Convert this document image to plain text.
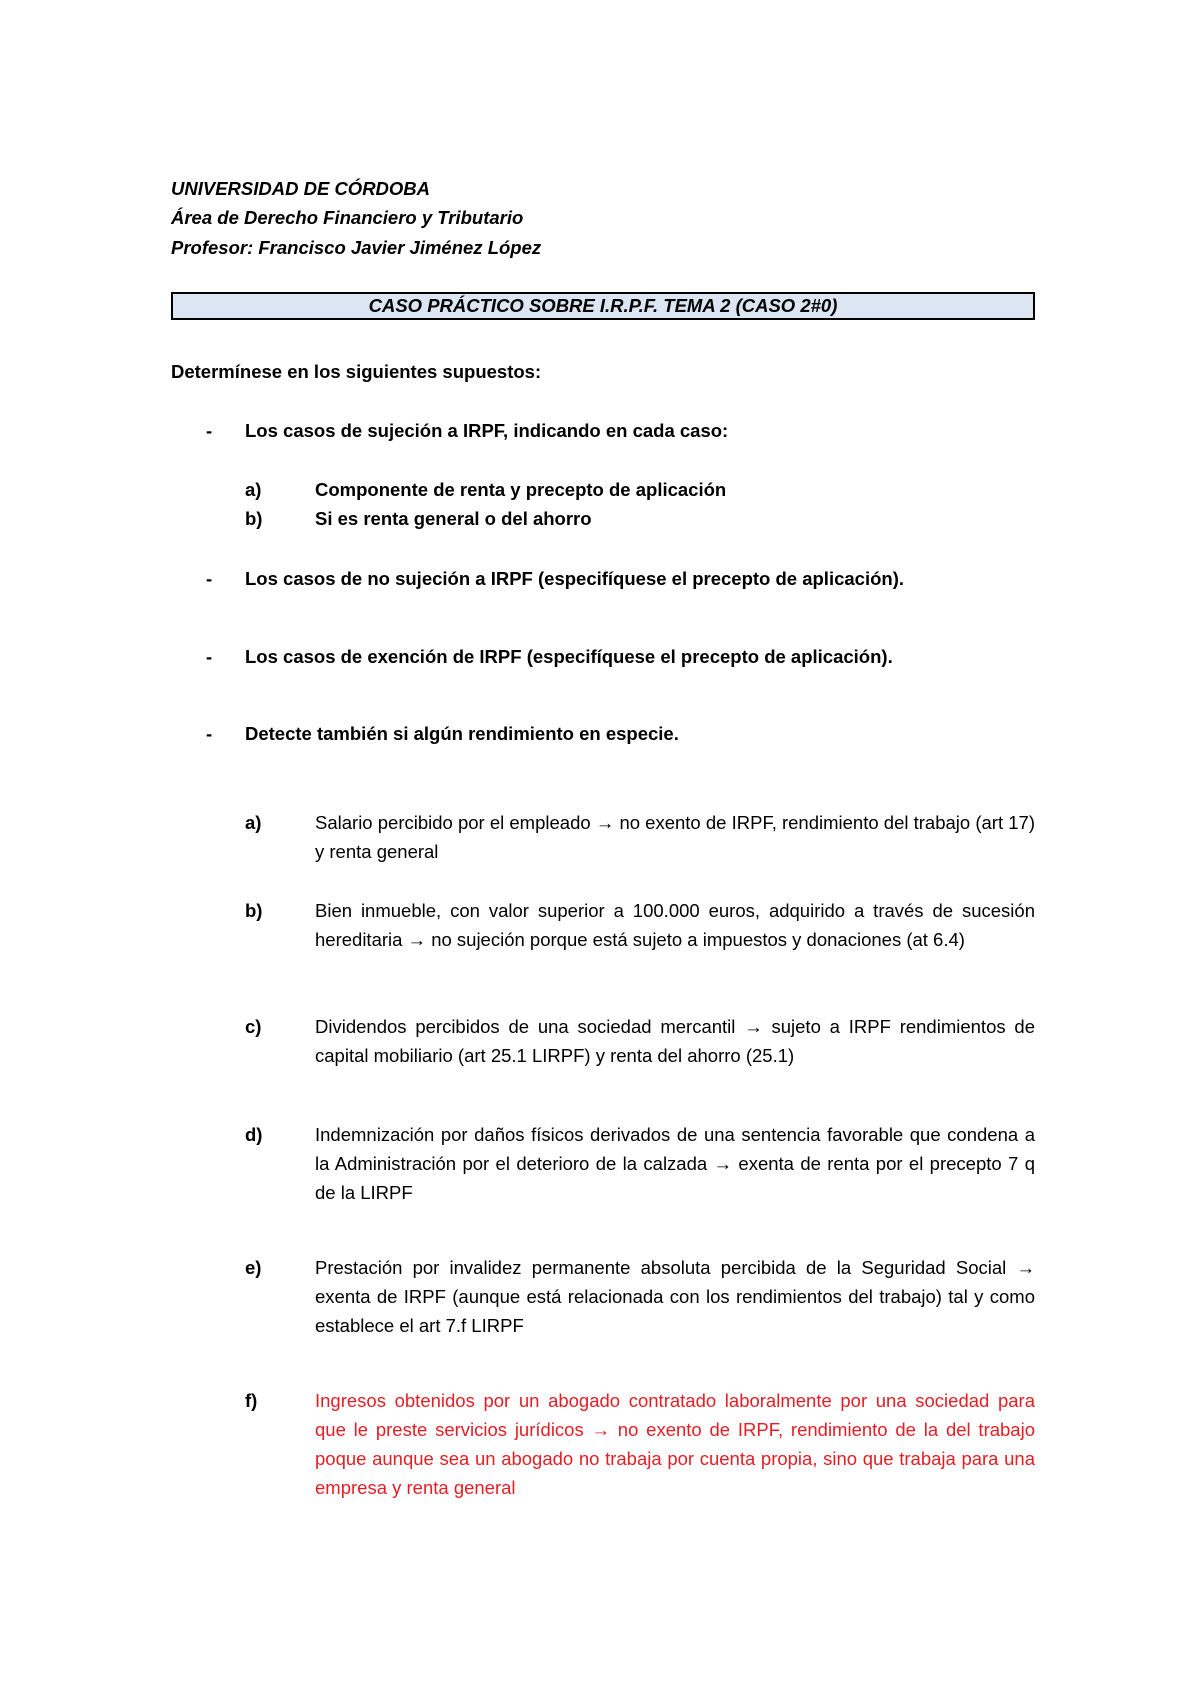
UNIVERSIDAD DE CÓRDOBA
Área de Derecho Financiero y Tributario
Profesor: Francisco Javier Jiménez López
CASO PRÁCTICO SOBRE I.R.P.F. TEMA 2 (CASO 2#0)
Determínese en los siguientes supuestos:
- Los casos de sujeción a IRPF, indicando en cada caso:
a)	Componente de renta y precepto de aplicación
b)	Si es renta general o del ahorro
- Los casos de no sujeción a IRPF (especifíquese el precepto de aplicación).
- Los casos de exención de IRPF (especifíquese el precepto de aplicación).
- Detecte también si algún rendimiento en especie.
a)	Salario percibido por el empleado → no exento de IRPF, rendimiento del trabajo (art 17) y renta general

b)	Bien inmueble, con valor superior a 100.000 euros, adquirido a través de sucesión hereditaria → no sujeción porque está sujeto a impuestos y donaciones (at 6.4)

c)	Dividendos percibidos de una sociedad mercantil → sujeto a IRPF rendimientos de capital mobiliario (art 25.1 LIRPF) y renta del ahorro (25.1)

d)	Indemnización por daños físicos derivados de una sentencia favorable que condena a la Administración por el deterioro de la calzada → exenta de renta por el precepto 7 q de la LIRPF

e)	Prestación por invalidez permanente absoluta percibida de la Seguridad Social → exenta de IRPF (aunque está relacionada con los rendimientos del trabajo) tal y como establece el art 7.f LIRPF

f)	Ingresos obtenidos por un abogado contratado laboralmente por una sociedad para que le preste servicios jurídicos → no exento de IRPF, rendimiento de la del trabajo poque aunque sea un abogado no trabaja por cuenta propia, sino que trabaja para una empresa y renta general
